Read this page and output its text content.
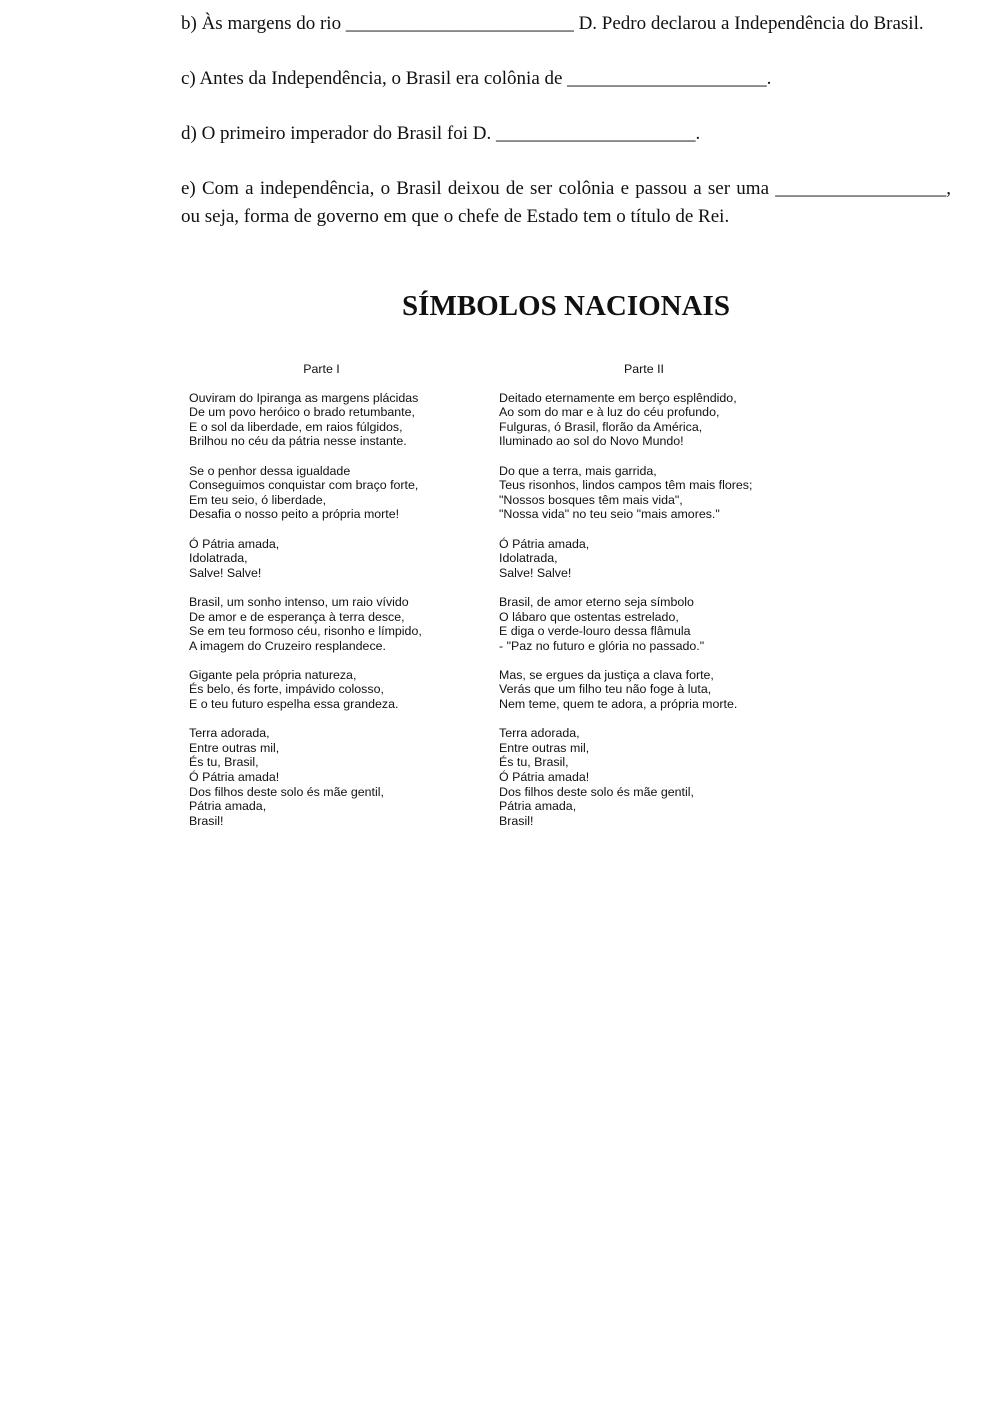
b) Às margens do rio ________________________ D. Pedro declarou a Independência do Brasil.

c) Antes da Independência, o Brasil era colônia de _____________________.

d) O primeiro imperador do Brasil foi D. _____________________.

e) Com a independência, o Brasil deixou de ser colônia e passou a ser uma __________________, ou seja, forma de governo em que o chefe de Estado tem o título de Rei.

SÍMBOLOS NACIONAIS
Parte I
Ouviram do Ipiranga as margens plácidas
De um povo heróico o brado retumbante,
E o sol da liberdade, em raios fúlgidos,
Brilhou no céu da pátria nesse instante.
Se o penhor dessa igualdade
Conseguimos conquistar com braço forte,
Em teu seio, ó liberdade,
Desafia o nosso peito a própria morte!
Ó Pátria amada,
Idolatrada,
Salve! Salve!
Brasil, um sonho intenso, um raio vívido
De amor e de esperança à terra desce,
Se em teu formoso céu, risonho e límpido,
A imagem do Cruzeiro resplandece.
Gigante pela própria natureza,
És belo, és forte, impávido colosso,
E o teu futuro espelha essa grandeza.
Terra adorada,
Entre outras mil,
És tu, Brasil,
Ó Pátria amada!
Dos filhos deste solo és mãe gentil,
Pátria amada,
Brasil!
Parte II
Deitado eternamente em berço esplêndido,
Ao som do mar e à luz do céu profundo,
Fulguras, ó Brasil, florão da América,
Iluminado ao sol do Novo Mundo!
Do que a terra, mais garrida,
Teus risonhos, lindos campos têm mais flores;
"Nossos bosques têm mais vida",
"Nossa vida" no teu seio "mais amores."
Ó Pátria amada,
Idolatrada,
Salve! Salve!
Brasil, de amor eterno seja símbolo
O lábaro que ostentas estrelado,
E diga o verde-louro dessa flâmula
- "Paz no futuro e glória no passado."
Mas, se ergues da justiça a clava forte,
Verás que um filho teu não foge à luta,
Nem teme, quem te adora, a própria morte.
Terra adorada,
Entre outras mil,
És tu, Brasil,
Ó Pátria amada!
Dos filhos deste solo és mãe gentil,
Pátria amada,
Brasil!
